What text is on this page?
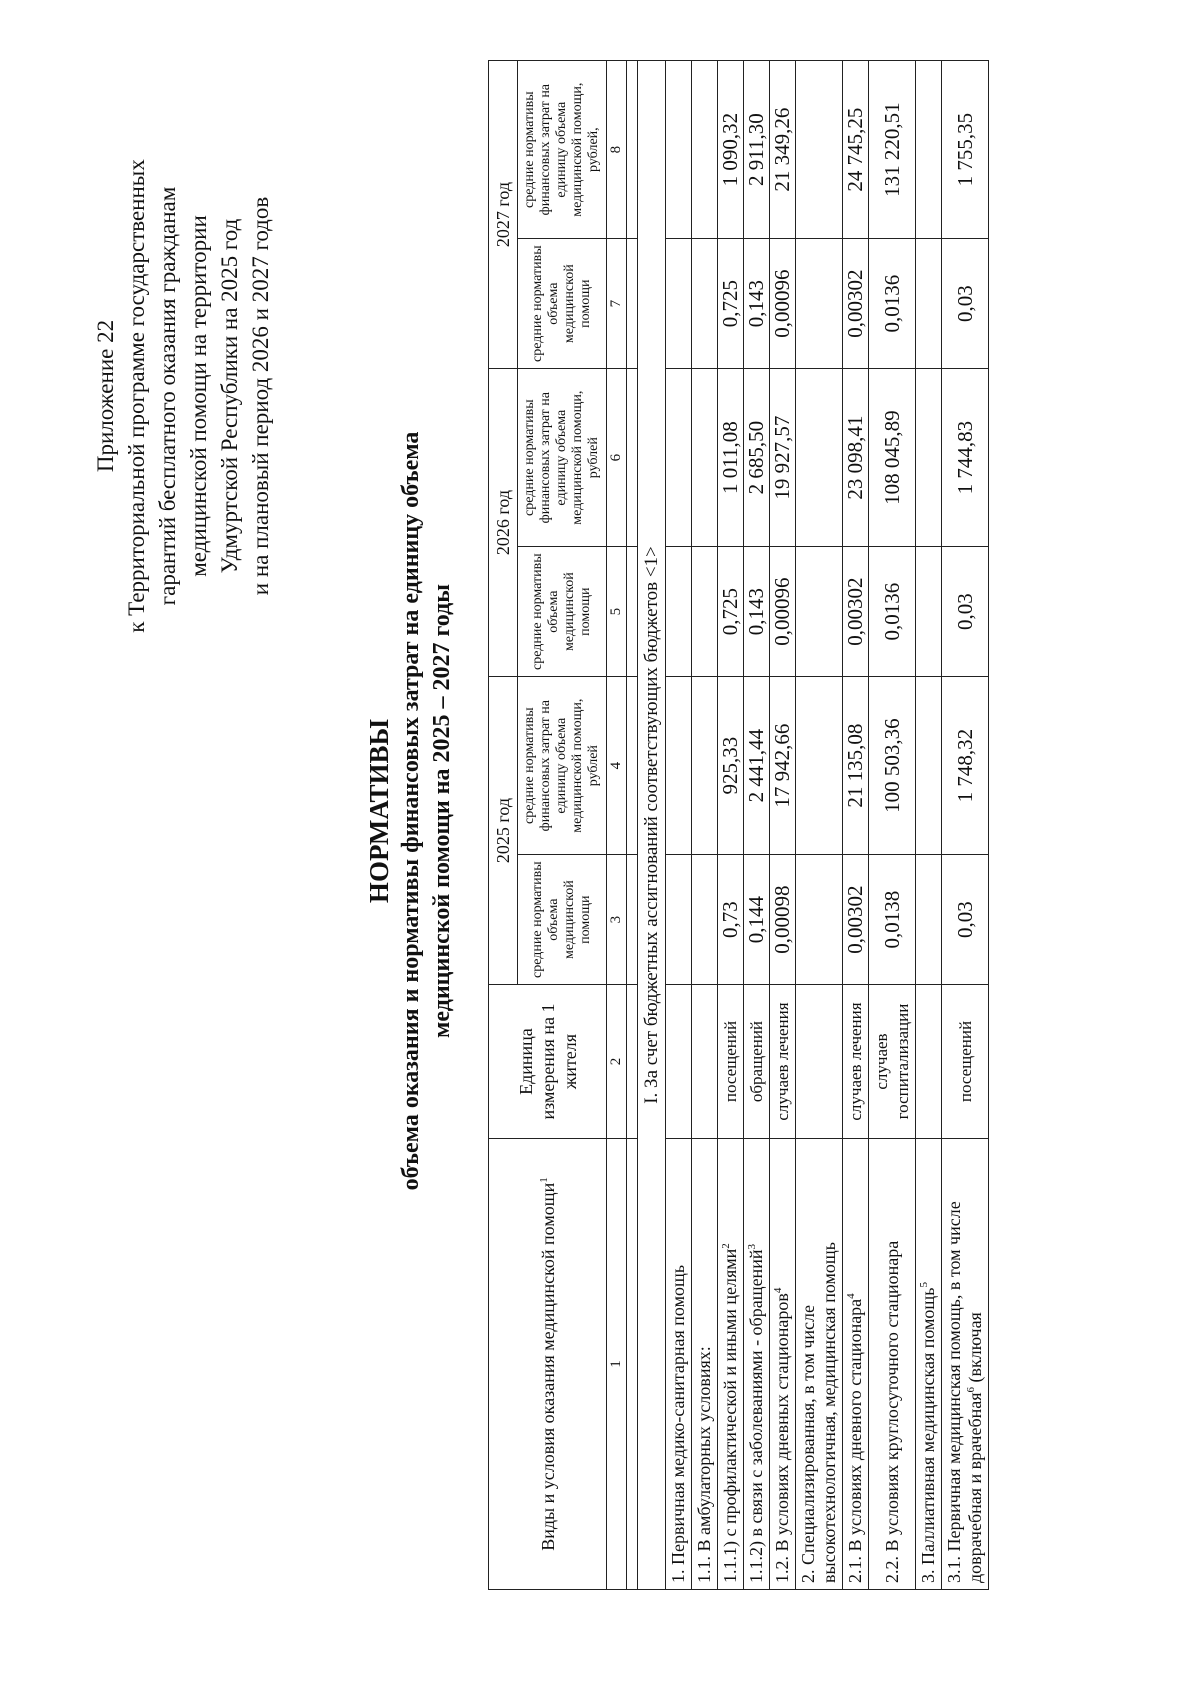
Приложение 22 к Территориальной программе государственных гарантий бесплатного оказания гражданам медицинской помощи на территории Удмуртской Республики на 2025 год и на плановый период 2026 и 2027 годов
НОРМАТИВЫ объема оказания и нормативы финансовых затрат на единицу объема медицинской помощи на 2025 – 2027 годы
Виды и условия оказания медицинской помощи$^1$	Единица измерения на 1 жителя	2025 год		2026 год		2027 год	
		средние нормативы объема медицинской помощи	средние нормативы финансовых затрат на единицу объема медицинской помощи, рублей	средние нормативы объема медицинской помощи	средние нормативы финансовых затрат на единицу объема медицинской помощи, рублей	средние нормативы объема медицинской помощи	средние нормативы финансовых затрат на единицу объема медицинской помощи, рублей,
1	2	3	4	5	6	7	8

I. За счет бюджетных ассигнований соответствующих бюджетов <1>							
1. Первичная медико-санитарная помощь							
1.1. В амбулаторных условиях:							
1.1.1) с профилактической и иными целями$^2$	посещений	0,73	925,33	0,725	1 011,08	0,725	1 090,32
1.1.2) в связи с заболеваниями - обращений$^3$	обращений	0,144	2 441,44	0,143	2 685,50	0,143	2 911,30
1.2. В условиях дневных стационаров$^4$	случаев лечения	0,00098	17 942,66	0,00096	19 927,57	0,00096	21 349,26
2. Специализированная, в том числе высокотехнологичная, медицинская помощь							
2.1. В условиях дневного стационара$^4$	случаев лечения	0,00302	21 135,08	0,00302	23 098,41	0,00302	24 745,25
2.2. В условиях круглосуточного стационара	случаев госпитализации	0,0138	100 503,36	0,0136	108 045,89	0,0136	131 220,51
3. Паллиативная медицинская помощь$^5$							
3.1. Первичная медицинская помощь, в том числе доврачебная и врачебная$^6$ (включая	посещений	0,03	1 748,32	0,03	1 744,83	0,03	1 755,35
